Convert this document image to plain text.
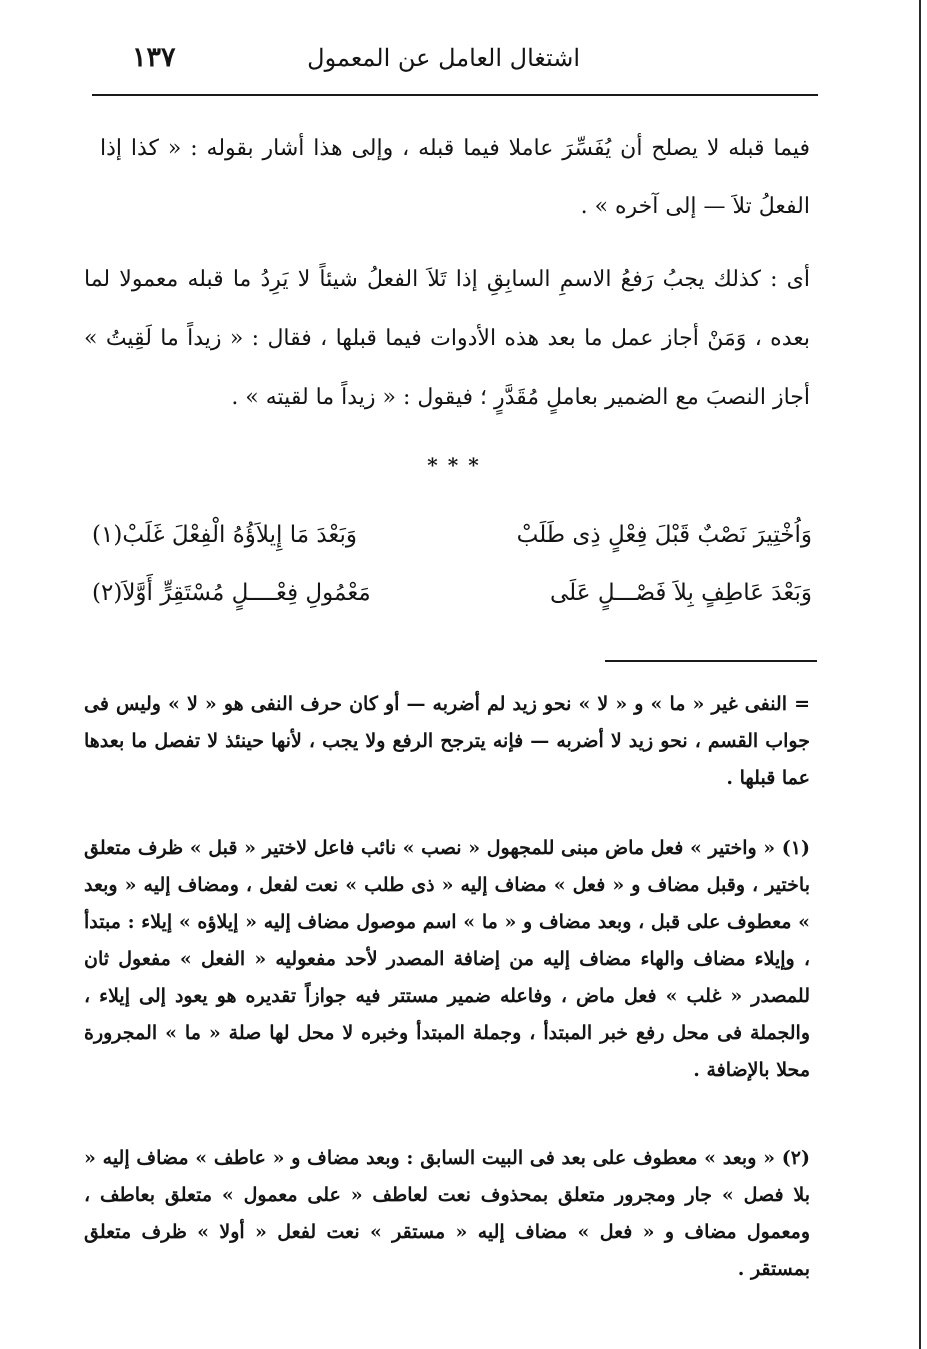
١٣٧	اشتغال العامل عن المعمول
فيما قبله لا يصلح أن يُفَسِّرَ عاملا فيما قبله ، وإلى هذا أشار بقوله : « كذا إذا الفعلُ تلاَ — إلى آخره » .
أى : كذلك يجبُ رَفعُ الاسمِ السابِقِ إذا تَلاَ الفعلُ شيئاً لا يَرِدُ ما قبله معمولا لما بعده ، وَمَنْ أجاز عمل ما بعد هذه الأدوات فيما قبلها ، فقال : « زيداً ما لَقِيتُ » أجاز النصبَ مع الضمير بعاملٍ مُقَدَّرٍ ؛ فيقول : « زيداً ما لقيته » .
***
وَاُخْتِيرَ نَصْبٌ قَبْلَ فِعْلٍ ذِى طَلَبْ
وَبَعْدَ مَا إِيلاَؤُهُ الْفِعْلَ غَلَبْ(١)
وَبَعْدَ عَاطِفٍ بِلاَ فَصْـــلٍ عَلَى
مَعْمُولِ فِعْــــلٍ مُسْتَقِرٍّ أَوَّلاَ(٢)
= النفى غير « ما » و « لا » نحو زيد لم أضربه — أو كان حرف النفى هو « لا » وليس فى جواب القسم ، نحو زيد لا أضربه — فإنه يترجح الرفع ولا يجب ، لأنها حينئذ لا تفصل ما بعدها عما قبلها .
(١) « واختير » فعل ماض مبنى للمجهول « نصب » نائب فاعل لاختير « قبل » ظرف متعلق باختير ، وقبل مضاف و « فعل » مضاف إليه « ذى طلب » نعت لفعل ، ومضاف إليه « وبعد » معطوف على قبل ، وبعد مضاف و « ما » اسم موصول مضاف إليه « إيلاؤه » إيلاء : مبتدأ ، وإيلاء مضاف والهاء مضاف إليه من إضافة المصدر لأحد مفعوليه « الفعل » مفعول ثان للمصدر « غلب » فعل ماض ، وفاعله ضمير مستتر فيه جوازاً تقديره هو يعود إلى إيلاء ، والجملة فى محل رفع خبر المبتدأ ، وجملة المبتدأ وخبره لا محل لها صلة « ما » المجرورة محلا بالإضافة .
(٢) « وبعد » معطوف على بعد فى البيت السابق : وبعد مضاف و « عاطف » مضاف إليه « بلا فصل » جار ومجرور متعلق بمحذوف نعت لعاطف « على معمول » متعلق بعاطف ، ومعمول مضاف و « فعل » مضاف إليه « مستقر » نعت لفعل « أولا » ظرف متعلق بمستقر .
